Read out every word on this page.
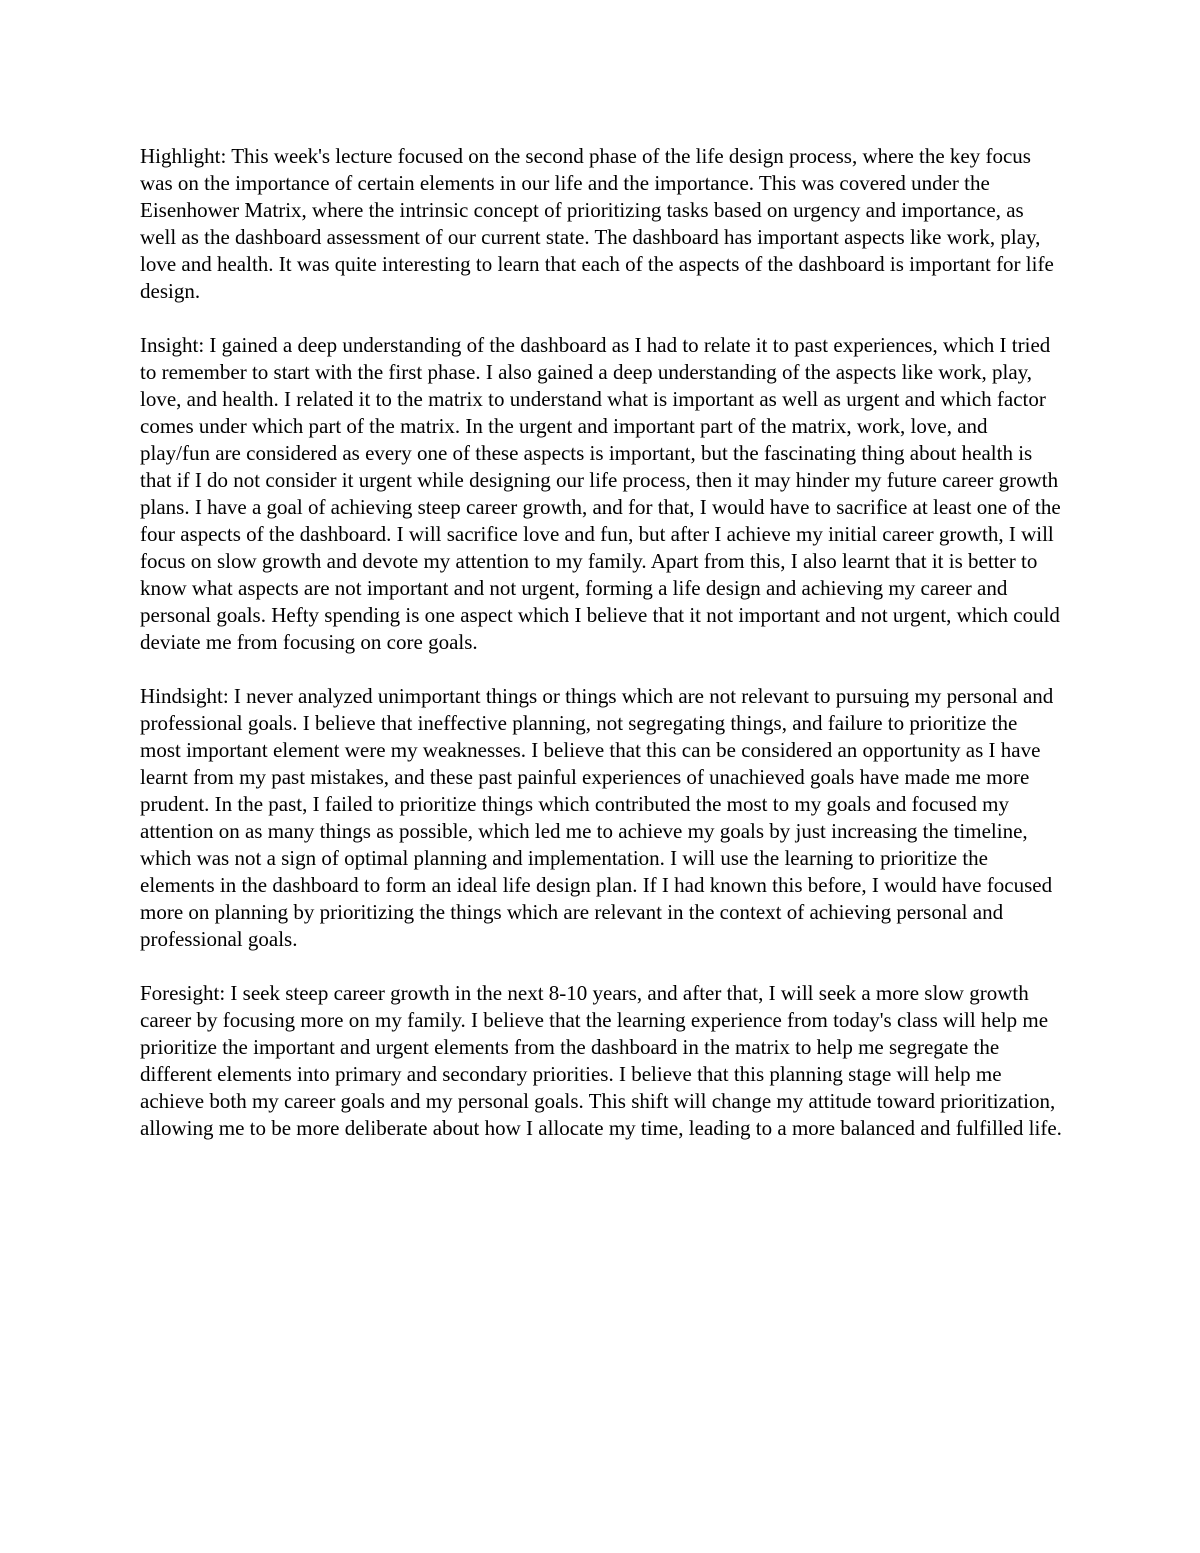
Highlight: This week's lecture focused on the second phase of the life design process, where the key focus was on the importance of certain elements in our life and the importance. This was covered under the Eisenhower Matrix, where the intrinsic concept of prioritizing tasks based on urgency and importance, as well as the dashboard assessment of our current state. The dashboard has important aspects like work, play, love and health. It was quite interesting to learn that each of the aspects of the dashboard is important for life design.

Insight: I gained a deep understanding of the dashboard as I had to relate it to past experiences, which I tried to remember to start with the first phase. I also gained a deep understanding of the aspects like work, play, love, and health. I related it to the matrix to understand what is important as well as urgent and which factor comes under which part of the matrix. In the urgent and important part of the matrix, work, love, and play/fun are considered as every one of these aspects is important, but the fascinating thing about health is that if I do not consider it urgent while designing our life process, then it may hinder my future career growth plans. I have a goal of achieving steep career growth, and for that, I would have to sacrifice at least one of the four aspects of the dashboard. I will sacrifice love and fun, but after I achieve my initial career growth, I will focus on slow growth and devote my attention to my family. Apart from this, I also learnt that it is better to know what aspects are not important and not urgent, forming a life design and achieving my career and personal goals. Hefty spending is one aspect which I believe that it not important and not urgent, which could deviate me from focusing on core goals.

Hindsight: I never analyzed unimportant things or things which are not relevant to pursuing my personal and professional goals. I believe that ineffective planning, not segregating things, and failure to prioritize the most important element were my weaknesses. I believe that this can be considered an opportunity as I have learnt from my past mistakes, and these past painful experiences of unachieved goals have made me more prudent. In the past, I failed to prioritize things which contributed the most to my goals and focused my attention on as many things as possible, which led me to achieve my goals by just increasing the timeline, which was not a sign of optimal planning and implementation. I will use the learning to prioritize the elements in the dashboard to form an ideal life design plan. If I had known this before, I would have focused more on planning by prioritizing the things which are relevant in the context of achieving personal and professional goals.

Foresight: I seek steep career growth in the next 8-10 years, and after that, I will seek a more slow growth career by focusing more on my family. I believe that the learning experience from today's class will help me prioritize the important and urgent elements from the dashboard in the matrix to help me segregate the different elements into primary and secondary priorities. I believe that this planning stage will help me achieve both my career goals and my personal goals. This shift will change my attitude toward prioritization, allowing me to be more deliberate about how I allocate my time, leading to a more balanced and fulfilled life.
